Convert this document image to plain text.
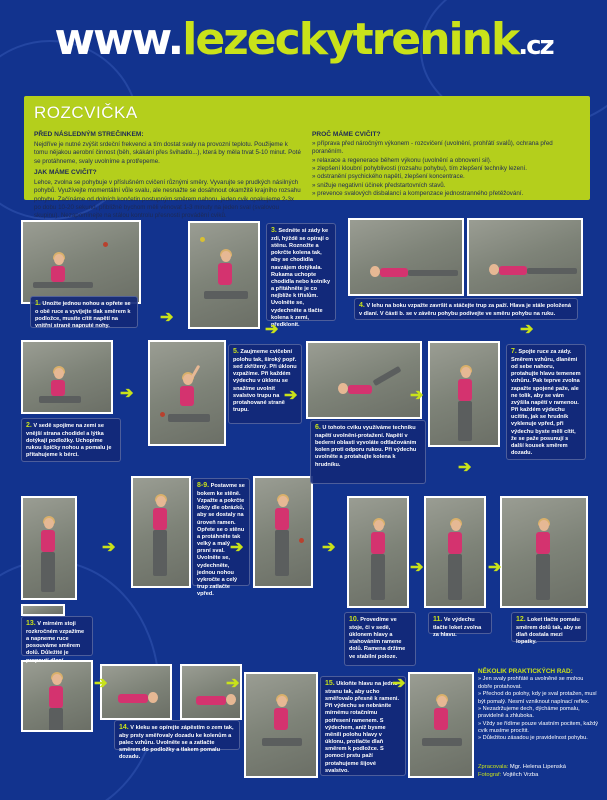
www.lezeckytrenink.cz
ROZCVIČKA
PŘED NÁSLEDNÝM STREČINKEM:

Nejdříve je nutné zvýšit srdeční frekvenci a tím dostat svaly na provozní teplotu. Použijeme k tomu nějakou aerobní činnost (běh, skákání přes švihadlo...), která by měla trvat 5-10 minut. Poté se protáhneme, svaly uvolníme a protřepeme.

JAK MÁME CVIČIT?

Lehce, zvolna se pohybuje v příslušném cvičení různými směry. Vyvarujte se prudkých násilných pohybů. Využívejte momentální vůle svalu, ale nesnažte se dosáhnout okamžitě krajního rozsahu pohybu. Začínáme od dolních končetin postupným směrem nahoru, jeden cvik opakujeme 2-3x po dobu 10-20 sekund, přibližně bychom měli věnovat 1-3 minuty na jeden sval (svalovou skupinu). Nezapomínejte na stálou kontrolu přesnosti provádění cviků.

PROČ MÁME CVIČIT?
» příprava před náročným výkonem - rozcvičení (uvolnění, prohřátí svalů), ochrana před poraněním.
» relaxace a regenerace během výkonu (uvolnění a obnovení sil).
» zlepšení kloubní pohyblivosti (rozsahu pohybu), tím zlepšení techniky lezení.
» odstranění psychického napětí, zlepšení koncentrace.
» snižuje negativní účinek předstartovních stavů.
» prevence svalových disbalancí a kompenzace jednostranného přetěžování.
1. Unožte jednou nohou a opřete se o obě ruce a vyvíjejte tlak směrem k podložce, musíte cítit napětí na vnitřní straně napnuté nohy.
3. Sedněte si zády ke zdi, hýždě se opírají o stěnu. Roznožte a pokrčte kolena tak, aby se chodidla navzájem dotýkala. Rukama uchopte chodidla nebo kotníky a přitáhněte je co nejblíže k tříslům. Uvolněte se, vydechněte a tlačte kolena k zemi, předklonit.
4. V lehu na boku vzpažte završit a stáčejte trup za paží. Hlava je stále položená v dlaní. V části b. se v závěru pohybu podívejte ve směru pohybu na ruku.
2. V sedě spojíme na zemi se vnější strana chodidel a lýtka dotýkají podložky. Uchopíme rukou špičky nohou a pomalu je přitahujeme k bérci.
5. Zaujmeme cvičební polohu tak, široký popř. sed zkřížený. Při úklonu vzpažíme. Při každém výdechu v úklonu se snažíme uvolnit svalstvo trupu na protahované straně trupu.
6. U tohoto cviku využíváme techniku napětí uvolnění-protažení. Napětí v bederní oblasti vyvoláte odtlačováním kolen proti odporu rukou. Při výdechu uvolněte a protahujte kolena k hrudníku.
7. Spojte ruce za zády. Směrem vzhůru, dlaněmi od sebe nahoru, protahujte hlavu temenem vzhůru. Pak teprve zvolna zapažte spojené paže, ale ne tolik, aby se vám zvýšila napětí v ramenou. Při každém výdechu ucítíte, jak se hrudník vyklenuje vpřed, při výdechu byste měli cítit, že se paže posunují s další kousek směrem dozadu.
8-9. Postavme se bokem ke stěně. Vzpažte a pokrčte lokty dle obrázků, aby se dostaly na úroveň ramen. Opřete se o stěnu a protáhněte tak velký a malý prsní sval. Uvolněte se, vydechněte, jednou nohou vykročte a celý trup zatlačte vpřed.
10. Provedíme ve stoje, či v sedě, úklonem hlavy a stahováním ramene dolů. Ramena držíme ve stabilní poloze.
11. Ve výdechu tlačte loket zvolna za hlavu.
12. Loket tlačte pomalu směrem dolů tak, aby se dlaň dostala mezi lopatky.
13. V mírném stoji rozkročném vzpažíme a napneme ruce posouváme směrem dolů. Důležité je propnutí dlaní.
14. V kleku se opírejte zápěstím o zem tak, aby prsty směřovaly dozadu ke kolenům a palec vzhůru. Uvolněte se a zatlačte směrem do podložky a tlakem pomalu dozadu.
15. Ukloňte hlavu na jednu stranu tak, aby ucho směřovalo přesně k rameni. Při výdechu se nebráníte mírnému rotačnímu potřesení ramenem. S výdechem, aniž bysme měnili polohu hlavy v úklonu, protlačte dlaň směrem k podložce. S pomocí prstu paží protahujeme šijové svalstvo.
➔
➔	➔
➔	➔	➔
➔
➔	➔	➔
➔	➔
➔	➔	➔
NĚKOLIK PRAKTICKÝCH RAD:
» Jen svaly prohřáté a uvolněné se mohou dobře protahovat.
» Přechod do polohy, kdy je sval protažen, musí být pomalý. Nesmí vzniknout napínací reflex.
» Nezadržujeme dech, dýcháme pomalu, pravidelně a zhluboka.
» Vždy se řídíme pouze vlastním pocitem, každý cvik musíme procítit.
» Důležitou zásadou je pravidelnost pohybu.
Zpracovala: Mgr. Helena Lipenská
Fotograf: Vojtěch Vrzba
